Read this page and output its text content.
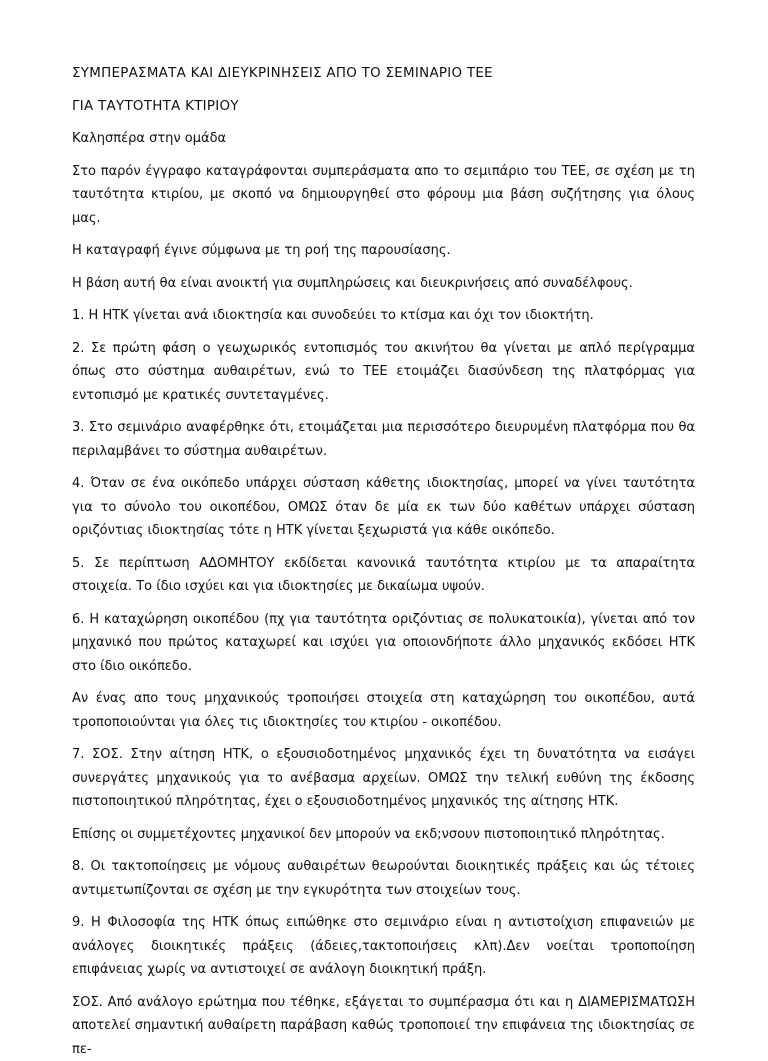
ΣΥΜΠΕΡΑΣΜΑΤΑ ΚΑΙ ΔΙΕΥΚΡΙΝΗΣΕΙΣ ΑΠΟ ΤΟ ΣΕΜΙΝΑΡΙΟ ΤΕΕ
ΓΙΑ ΤΑΥΤΟΤΗΤΑ ΚΤΙΡΙΟΥ

Καλησπέρα στην ομάδα

Στο παρόν έγγραφο καταγράφονται συμπεράσματα απο το σεμιπάριο του ΤΕΕ, σε σχέση με τη ταυτότητα κτιρίου, με σκοπό να δημιουργηθεί στο φόρουμ μια βάση συζήτησης για όλους μας.

Η καταγραφή έγινε σύμφωνα με τη ροή της παρουσίασης.

Η βάση αυτή θα είναι ανοικτή για συμπληρώσεις και διευκρινήσεις από συναδέλφους.

1. Η ΗΤΚ γίνεται ανά ιδιοκτησία και συνοδεύει το κτίσμα και όχι τον ιδιοκτήτη.

2. Σε πρώτη φάση ο γεωχωρικός εντοπισμός του ακινήτου θα γίνεται με απλό περίγραμμα όπως στο σύστημα αυθαιρέτων, ενώ το ΤΕΕ ετοιμάζει διασύνδεση της πλατφόρμας για εντοπισμό με κρατικές συντεταγμένες.

3. Στο σεμινάριο αναφέρθηκε ότι, ετοιμάζεται μια περισσότερο διευρυμένη πλατφόρμα που θα περιλαμβάνει το σύστημα αυθαιρέτων.

4. Όταν σε ένα οικόπεδο υπάρχει σύσταση κάθετης ιδιοκτησίας, μπορεί να γίνει ταυτότητα για το σύνολο του οικοπέδου, ΟΜΩΣ όταν δε μία εκ των δύο καθέτων υπάρχει σύσταση οριζόντιας ιδιοκτησίας τότε η ΗΤΚ γίνεται ξεχωριστά για κάθε οικόπεδο.

5. Σε περίπτωση ΑΔΟΜΗΤΟΥ εκδίδεται κανονικά ταυτότητα κτιρίου με τα απαραίτητα στοιχεία. Το ίδιο ισχύει και για ιδιοκτησίες με δικαίωμα υψούν.

6. Η καταχώρηση οικοπέδου (πχ για ταυτότητα οριζόντιας σε πολυκατοικία), γίνεται από τον μηχανικό που πρώτος καταχωρεί και ισχύει για οποιονδήποτε άλλο μηχανικός εκδόσει ΗΤΚ στο ίδιο οικόπεδο.

Αν ένας απο τους μηχανικούς τροποιήσει στοιχεία στη καταχώρηση του οικοπέδου, αυτά τροποποιούνται για όλες τις ιδιοκτησίες του κτιρίου - οικοπέδου.

7. ΣΟΣ. Στην αίτηση ΗΤΚ, ο εξουσιοδοτημένος μηχανικός έχει τη δυνατότητα να εισάγει συνεργάτες μηχανικούς για το ανέβασμα αρχείων. ΟΜΩΣ την τελική ευθύνη της έκδοσης πιστοποιητικού πληρότητας, έχει ο εξουσιοδοτημένος μηχανικός της αίτησης ΗΤΚ.

Επίσης οι συμμετέχοντες μηχανικοί δεν μπορούν να εκδ;νσουν πιστοποιητικό πληρότητας.

8. Οι τακτοποίησεις με νόμους αυθαιρέτων θεωρούνται διοικητικές πράξεις και ώς τέτοιες αντιμετωπίζονται σε σχέση με την εγκυρότητα των στοιχείων τους.

9. Η Φιλοσοφία της ΗΤΚ όπως ειπώθηκε στο σεμινάριο είναι η αντιστοίχιση επιφανειών με ανάλογες διοικητικές πράξεις (άδειες,τακτοποιήσεις κλπ).Δεν νοείται τροποποίηση επιφάνειας χωρίς να αντιστοιχεί σε ανάλογη διοικητική πράξη.

ΣΟΣ. Από ανάλογο ερώτημα που τέθηκε, εξάγεται το συμπέρασμα ότι και η ΔΙΑΜΕΡΙΣΜΑΤΩΣΗ αποτελεί σημαντική αυθαίρετη παράβαση καθώς τροποποιεί την επιφάνεια της ιδιοκτησίας σε πε-
